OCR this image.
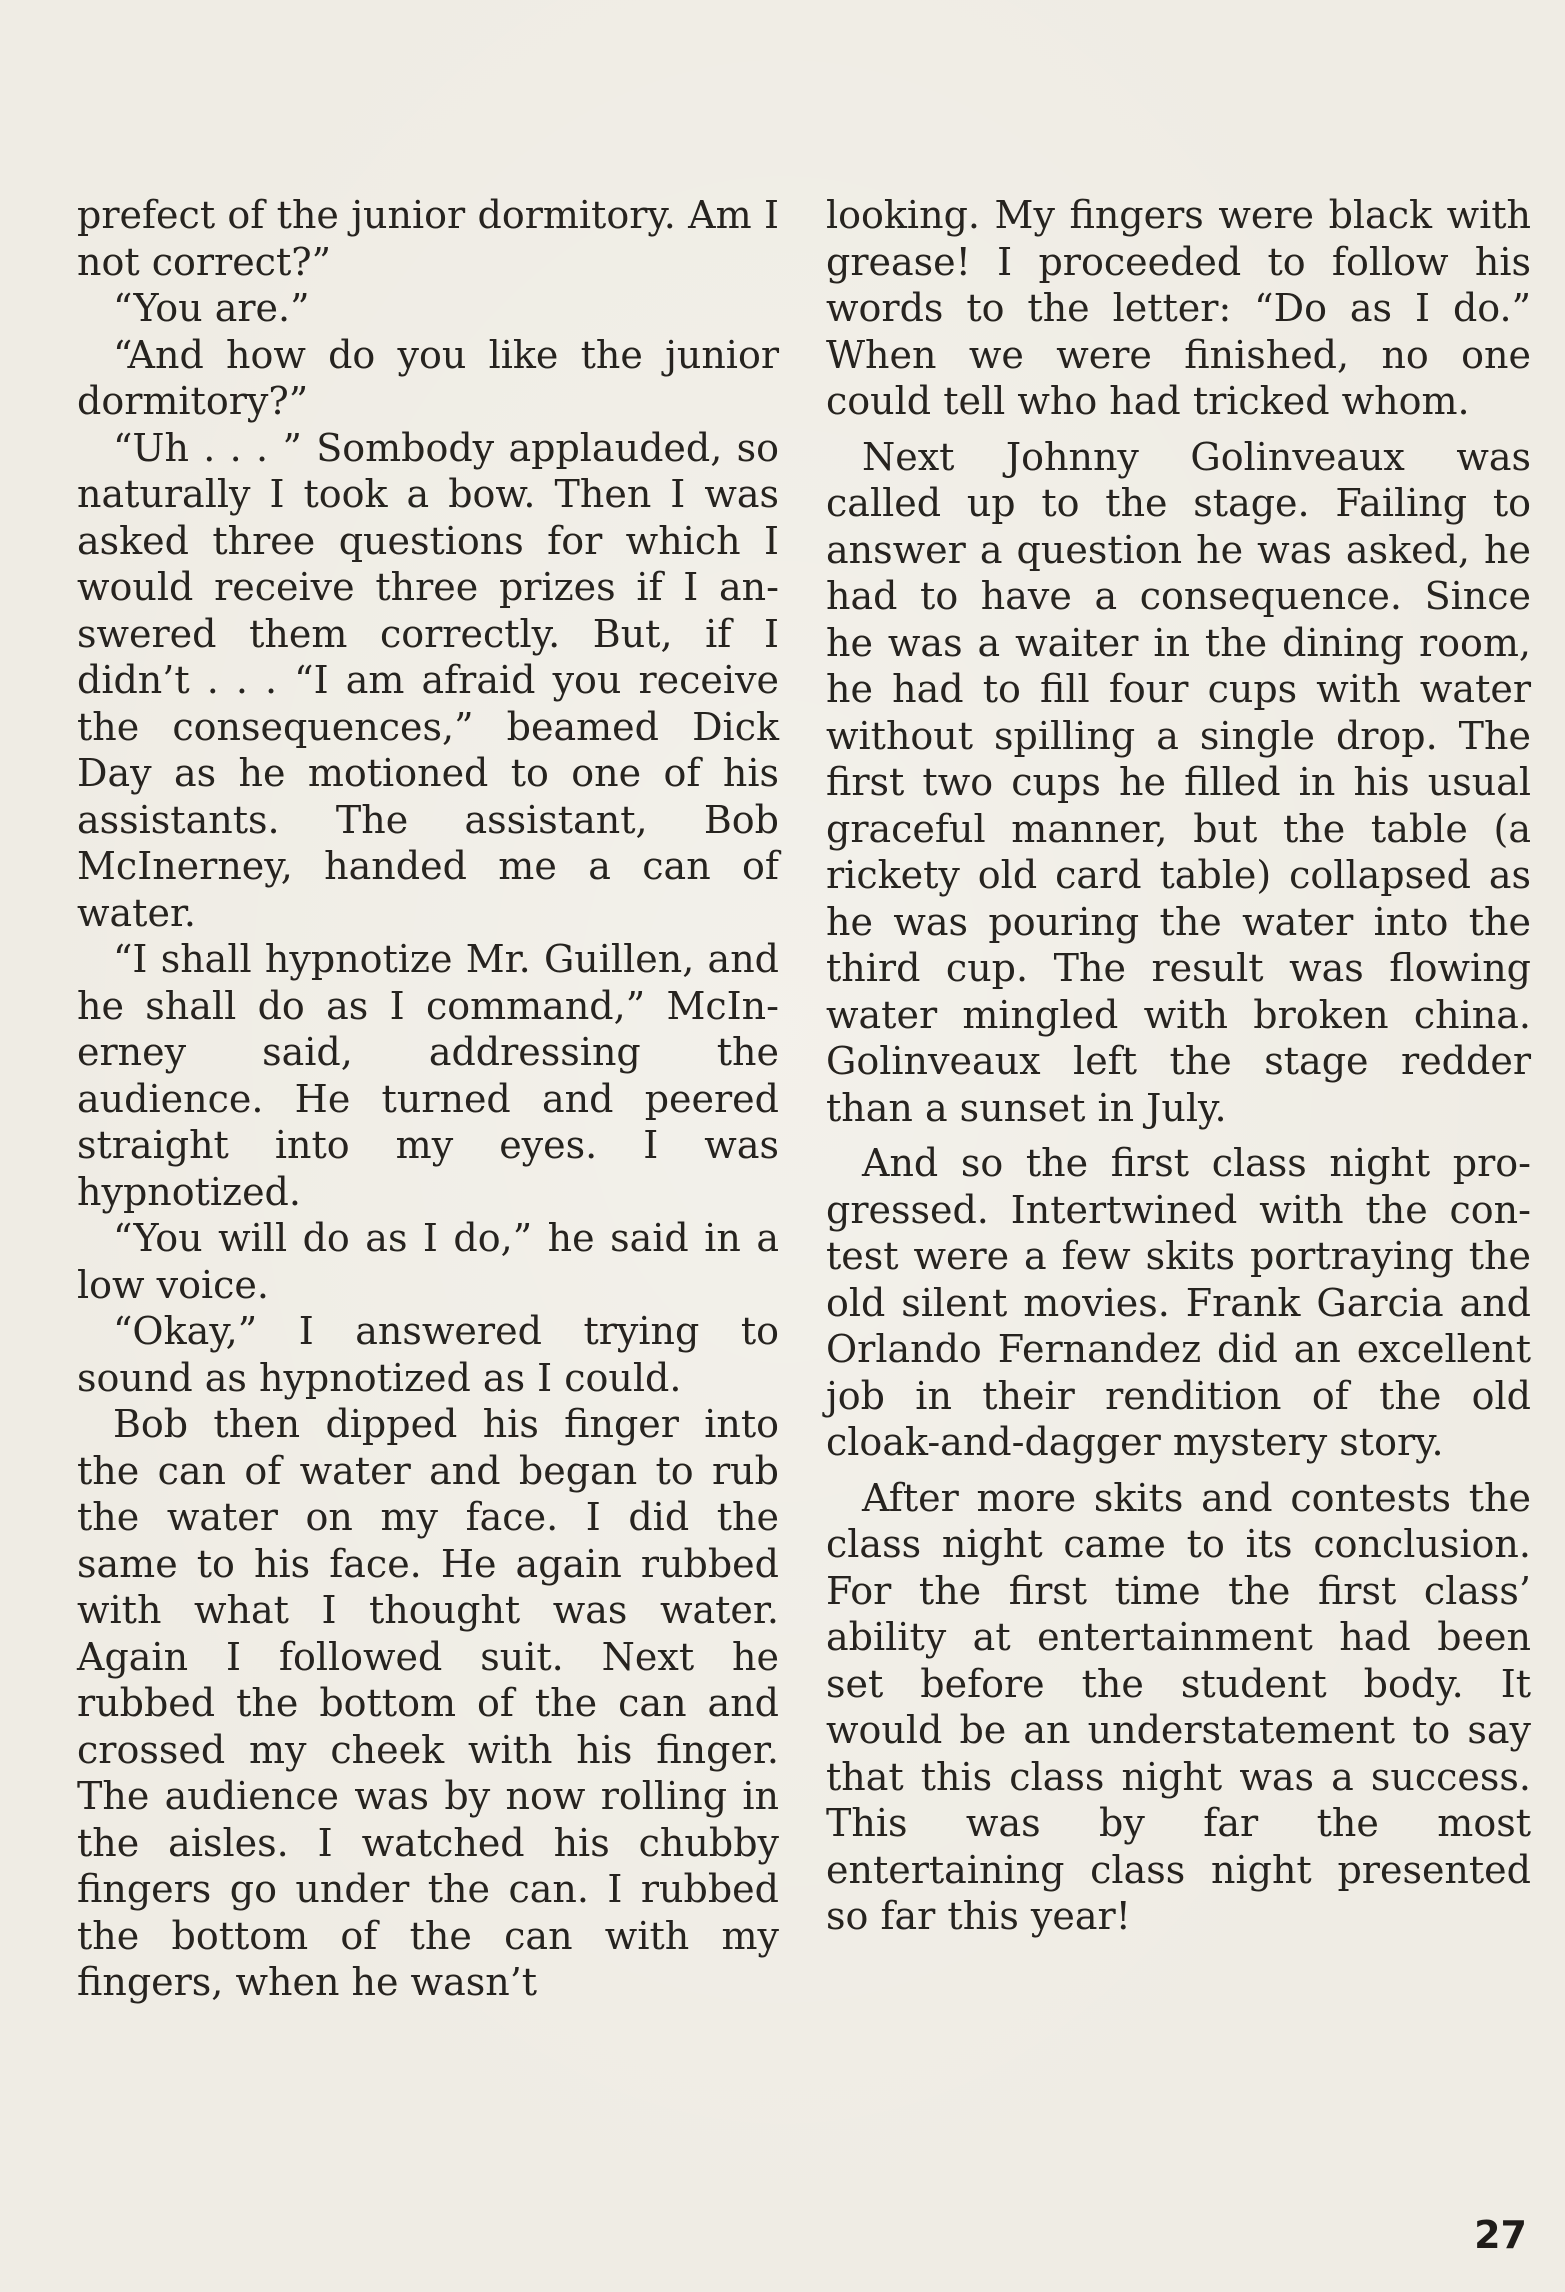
prefect of the junior dormitory. Am I not correct?”

“You are.”

“And how do you like the junior dormitory?”

“Uh . . . ” Sombody applauded, so naturally I took a bow. Then I was asked three questions for which I would receive three prizes if I answered them correctly. But, if I didn’t . . . “I am afraid you receive the consequences,” beamed Dick Day as he motioned to one of his assistants. The assistant, Bob McInerney, handed me a can of water.

“I shall hypnotize Mr. Guillen, and he shall do as I command,” McInerney said, addressing the audience. He turned and peered straight into my eyes. I was hypnotized.

“You will do as I do,” he said in a low voice.

“Okay,” I answered trying to sound as hypnotized as I could.

Bob then dipped his finger into the can of water and began to rub the water on my face. I did the same to his face. He again rubbed with what I thought was water. Again I followed suit. Next he rubbed the bottom of the can and crossed my cheek with his finger. The audience was by now rolling in the aisles. I watched his chubby fingers go under the can. I rubbed the bottom of the can with my fingers, when he wasn’t

looking. My fingers were black with grease! I proceeded to follow his words to the letter: “Do as I do.” When we were finished, no one could tell who had tricked whom.

Next Johnny Golinveaux was called up to the stage. Failing to answer a question he was asked, he had to have a consequence. Since he was a waiter in the dining room, he had to fill four cups with water without spilling a single drop. The first two cups he filled in his usual graceful manner, but the table (a rickety old card table) collapsed as he was pouring the water into the third cup. The result was flowing water mingled with broken china. Golinveaux left the stage redder than a sunset in July.

And so the first class night progressed. Intertwined with the contest were a few skits portraying the old silent movies. Frank Garcia and Orlando Fernandez did an excellent job in their rendition of the old cloak-and-dagger mystery story.

After more skits and contests the class night came to its conclusion. For the first time the first class’ ability at entertainment had been set before the student body. It would be an understatement to say that this class night was a success. This was by far the most entertaining class night presented so far this year!

27
